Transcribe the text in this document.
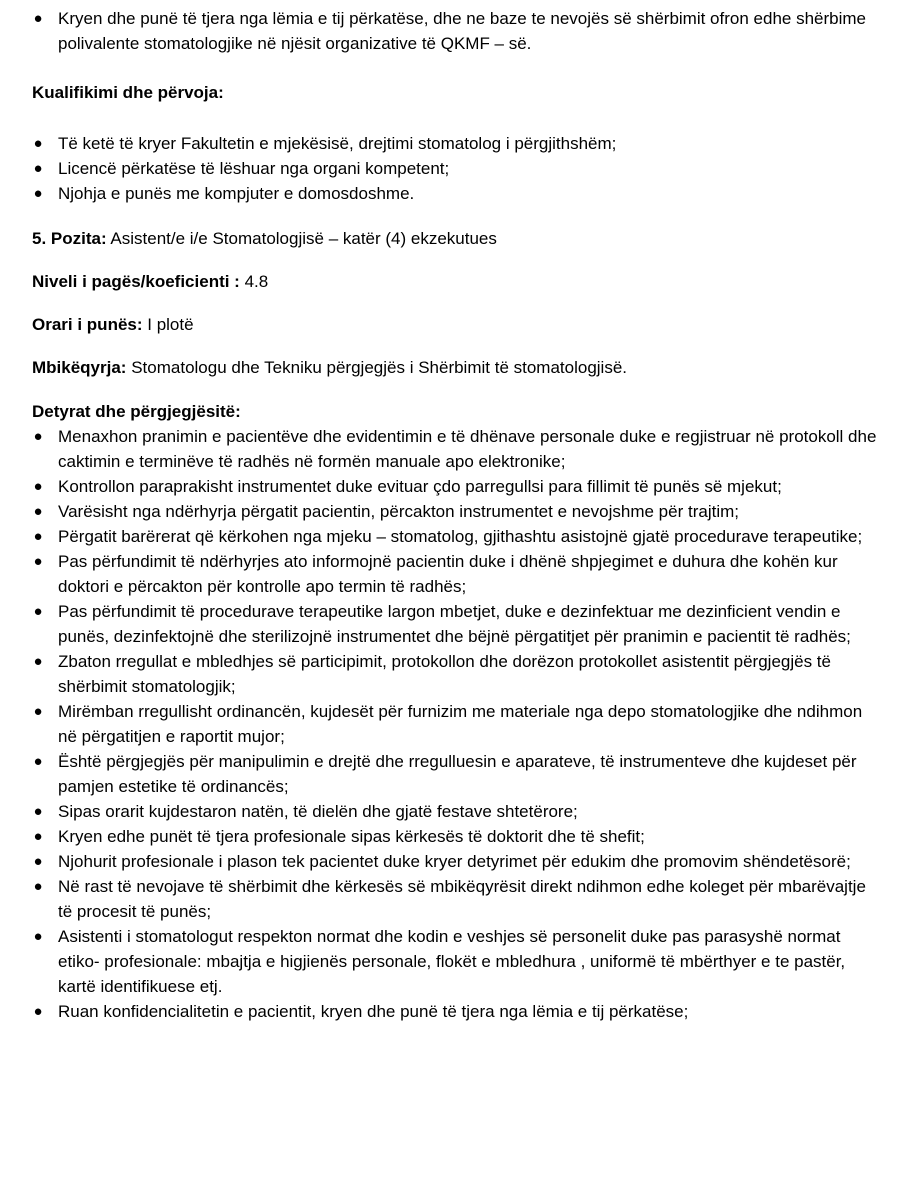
● Kryen dhe punë të tjera nga lëmia e tij përkatëse, dhe ne baze te nevojës së shërbimit ofron edhe shërbime polivalente stomatologjike në njësit organizative të QKMF – së.
Kualifikimi dhe përvoja:
● Të ketë të kryer Fakultetin e mjekësisë, drejtimi stomatolog i përgjithshëm;
● Licencë përkatëse të lëshuar nga organi kompetent;
● Njohja e punës me kompjuter e domosdoshme.
5. Pozita: Asistent/e i/e Stomatologjisë – katër (4) ekzekutues
Niveli i pagës/koeficienti : 4.8
Orari i punës: I plotë
Mbikëqyrja: Stomatologu dhe Tekniku përgjegjës i Shërbimit të stomatologjisë.
Detyrat dhe përgjegjësitë:
● Menaxhon pranimin e pacientëve dhe evidentimin e të dhënave personale duke e regjistruar në protokoll dhe caktimin e terminëve të radhës në formën manuale apo elektronike;
● Kontrollon paraprakisht instrumentet duke evituar çdo parregullsi para fillimit të punës së mjekut;
● Varësisht nga ndërhyrja përgatit pacientin, përcakton instrumentet e nevojshme për trajtim;
● Përgatit barërerat që kërkohen nga mjeku – stomatolog, gjithashtu asistojnë gjatë procedurave terapeutike;
● Pas përfundimit të ndërhyrjes ato informojnë pacientin duke i dhënë shpjegimet e duhura dhe kohën kur doktori e përcakton për kontrolle apo termin të radhës;
● Pas përfundimit të procedurave terapeutike largon mbetjet, duke e dezinfektuar me dezinficient vendin e punës, dezinfektojnë dhe sterilizojnë instrumentet dhe bëjnë përgatitjet për pranimin e pacientit të radhës;
● Zbaton rregullat e mbledhjes së participimit, protokollon dhe dorëzon protokollet asistentit përgjegjës të shërbimit stomatologjik;
● Mirëmban rregullisht ordinancën, kujdesët për furnizim me materiale nga depo stomatologjike dhe ndihmon në përgatitjen e raportit mujor;
● Është përgjegjës për manipulimin e drejtë dhe rregulluesin e aparateve, të instrumenteve dhe kujdeset për pamjen estetike të ordinancës;
● Sipas orarit kujdestaron natën, të dielën dhe gjatë festave shtetërore;
● Kryen edhe punët të tjera profesionale sipas kërkesës të doktorit dhe të shefit;
● Njohurit profesionale i plason tek pacientet duke kryer detyrimet për edukim dhe promovim shëndetësorë;
● Në rast të nevojave të shërbimit dhe kërkesës së mbikëqyrësit direkt ndihmon edhe koleget për mbarëvajtje të procesit të punës;
● Asistenti i stomatologut respekton normat dhe kodin e veshjes së personelit duke pas parasyshë normat etiko- profesionale: mbajtja e higjienës personale, flokët e mbledhura , uniformë të mbërthyer e te pastër, kartë identifikuese etj.
● Ruan konfidencialitetin e pacientit, kryen dhe punë të tjera nga lëmia e tij përkatëse;
